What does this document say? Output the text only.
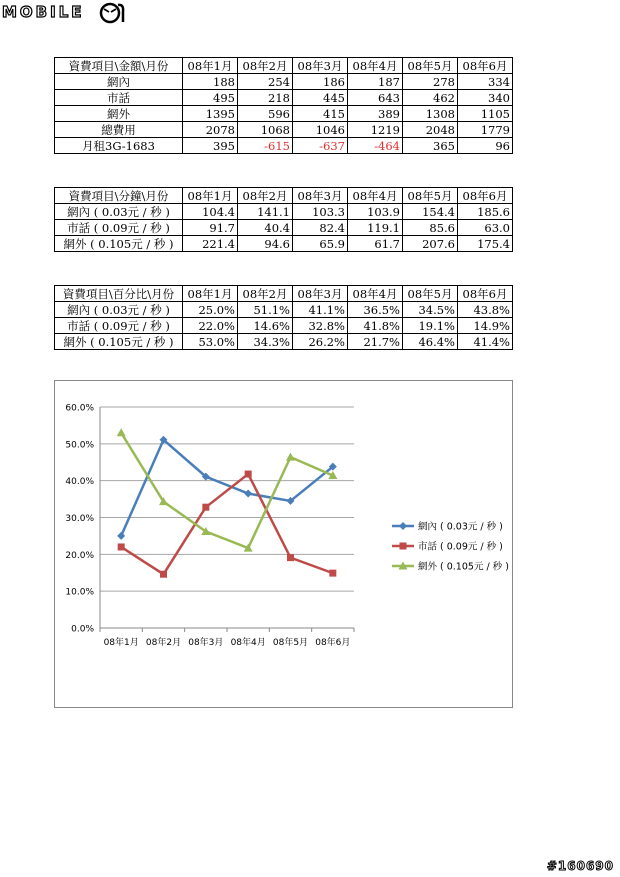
MOBILE
資費項目\金額\月份	08年1月	08年2月	08年3月	08年4月	08年5月	08年6月
網內	188	254	186	187	278	334
市話	495	218	445	643	462	340
網外	1395	596	415	389	1308	1105
總費用	2078	1068	1046	1219	2048	1779
月租3G-1683	395	-615	-637	-464	365	96
資費項目\分鐘\月份	08年1月	08年2月	08年3月	08年4月	08年5月	08年6月
網內 ( 0.03元 / 秒 )	104.4	141.1	103.3	103.9	154.4	185.6
市話 ( 0.09元 / 秒 )	91.7	40.4	82.4	119.1	85.6	63.0
網外 ( 0.105元 / 秒 )	221.4	94.6	65.9	61.7	207.6	175.4
資費項目\百分比\月份	08年1月	08年2月	08年3月	08年4月	08年5月	08年6月
網內 ( 0.03元 / 秒 )	25.0%	51.1%	41.1%	36.5%	34.5%	43.8%
市話 ( 0.09元 / 秒 )	22.0%	14.6%	32.8%	41.8%	19.1%	14.9%
網外 ( 0.105元 / 秒 )	53.0%	34.3%	26.2%	21.7%	46.4%	41.4%
0.0%
10.0%
20.0%
30.0%
40.0%
50.0%
60.0%
08年1月 08年2月 08年3月 08年4月 08年5月 08年6月
網內 ( 0.03元 / 秒 )
市話 ( 0.09元 / 秒 )
網外 ( 0.105元 / 秒 )
#160690
